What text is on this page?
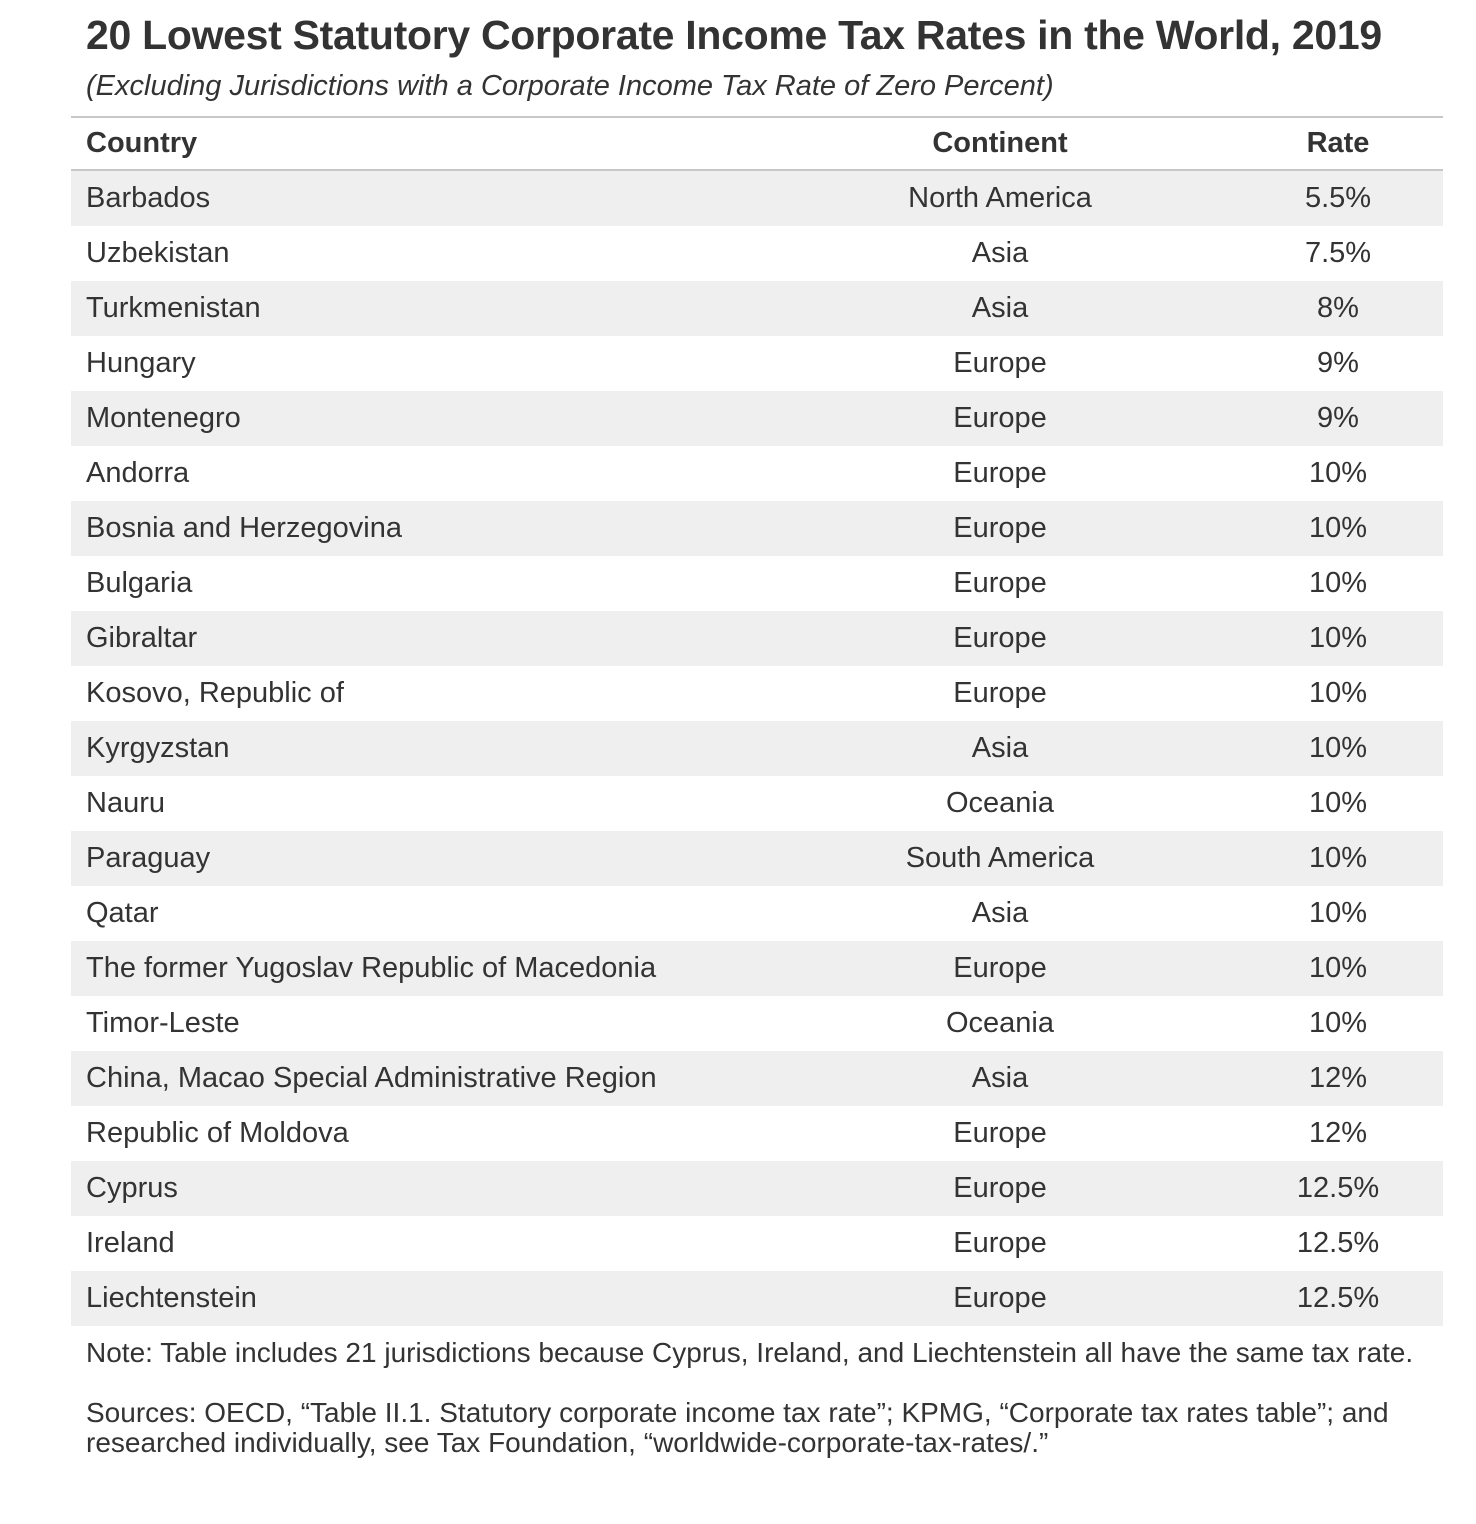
20 Lowest Statutory Corporate Income Tax Rates in the World, 2019
(Excluding Jurisdictions with a Corporate Income Tax Rate of Zero Percent)
Country	Continent	Rate
Barbados	North America	5.5%
Uzbekistan	Asia	7.5%
Turkmenistan	Asia	8%
Hungary	Europe	9%
Montenegro	Europe	9%
Andorra	Europe	10%
Bosnia and Herzegovina	Europe	10%
Bulgaria	Europe	10%
Gibraltar	Europe	10%
Kosovo, Republic of	Europe	10%
Kyrgyzstan	Asia	10%
Nauru	Oceania	10%
Paraguay	South America	10%
Qatar	Asia	10%
The former Yugoslav Republic of Macedonia	Europe	10%
Timor-Leste	Oceania	10%
China, Macao Special Administrative Region	Asia	12%
Republic of Moldova	Europe	12%
Cyprus	Europe	12.5%
Ireland	Europe	12.5%
Liechtenstein	Europe	12.5%

Note: Table includes 21 jurisdictions because Cyprus, Ireland, and Liechtenstein all have the same tax rate.

Sources: OECD, “Table II.1. Statutory corporate income tax rate”; KPMG, “Corporate tax rates table”; and researched individually, see Tax Foundation, “worldwide-corporate-tax-rates/.”
